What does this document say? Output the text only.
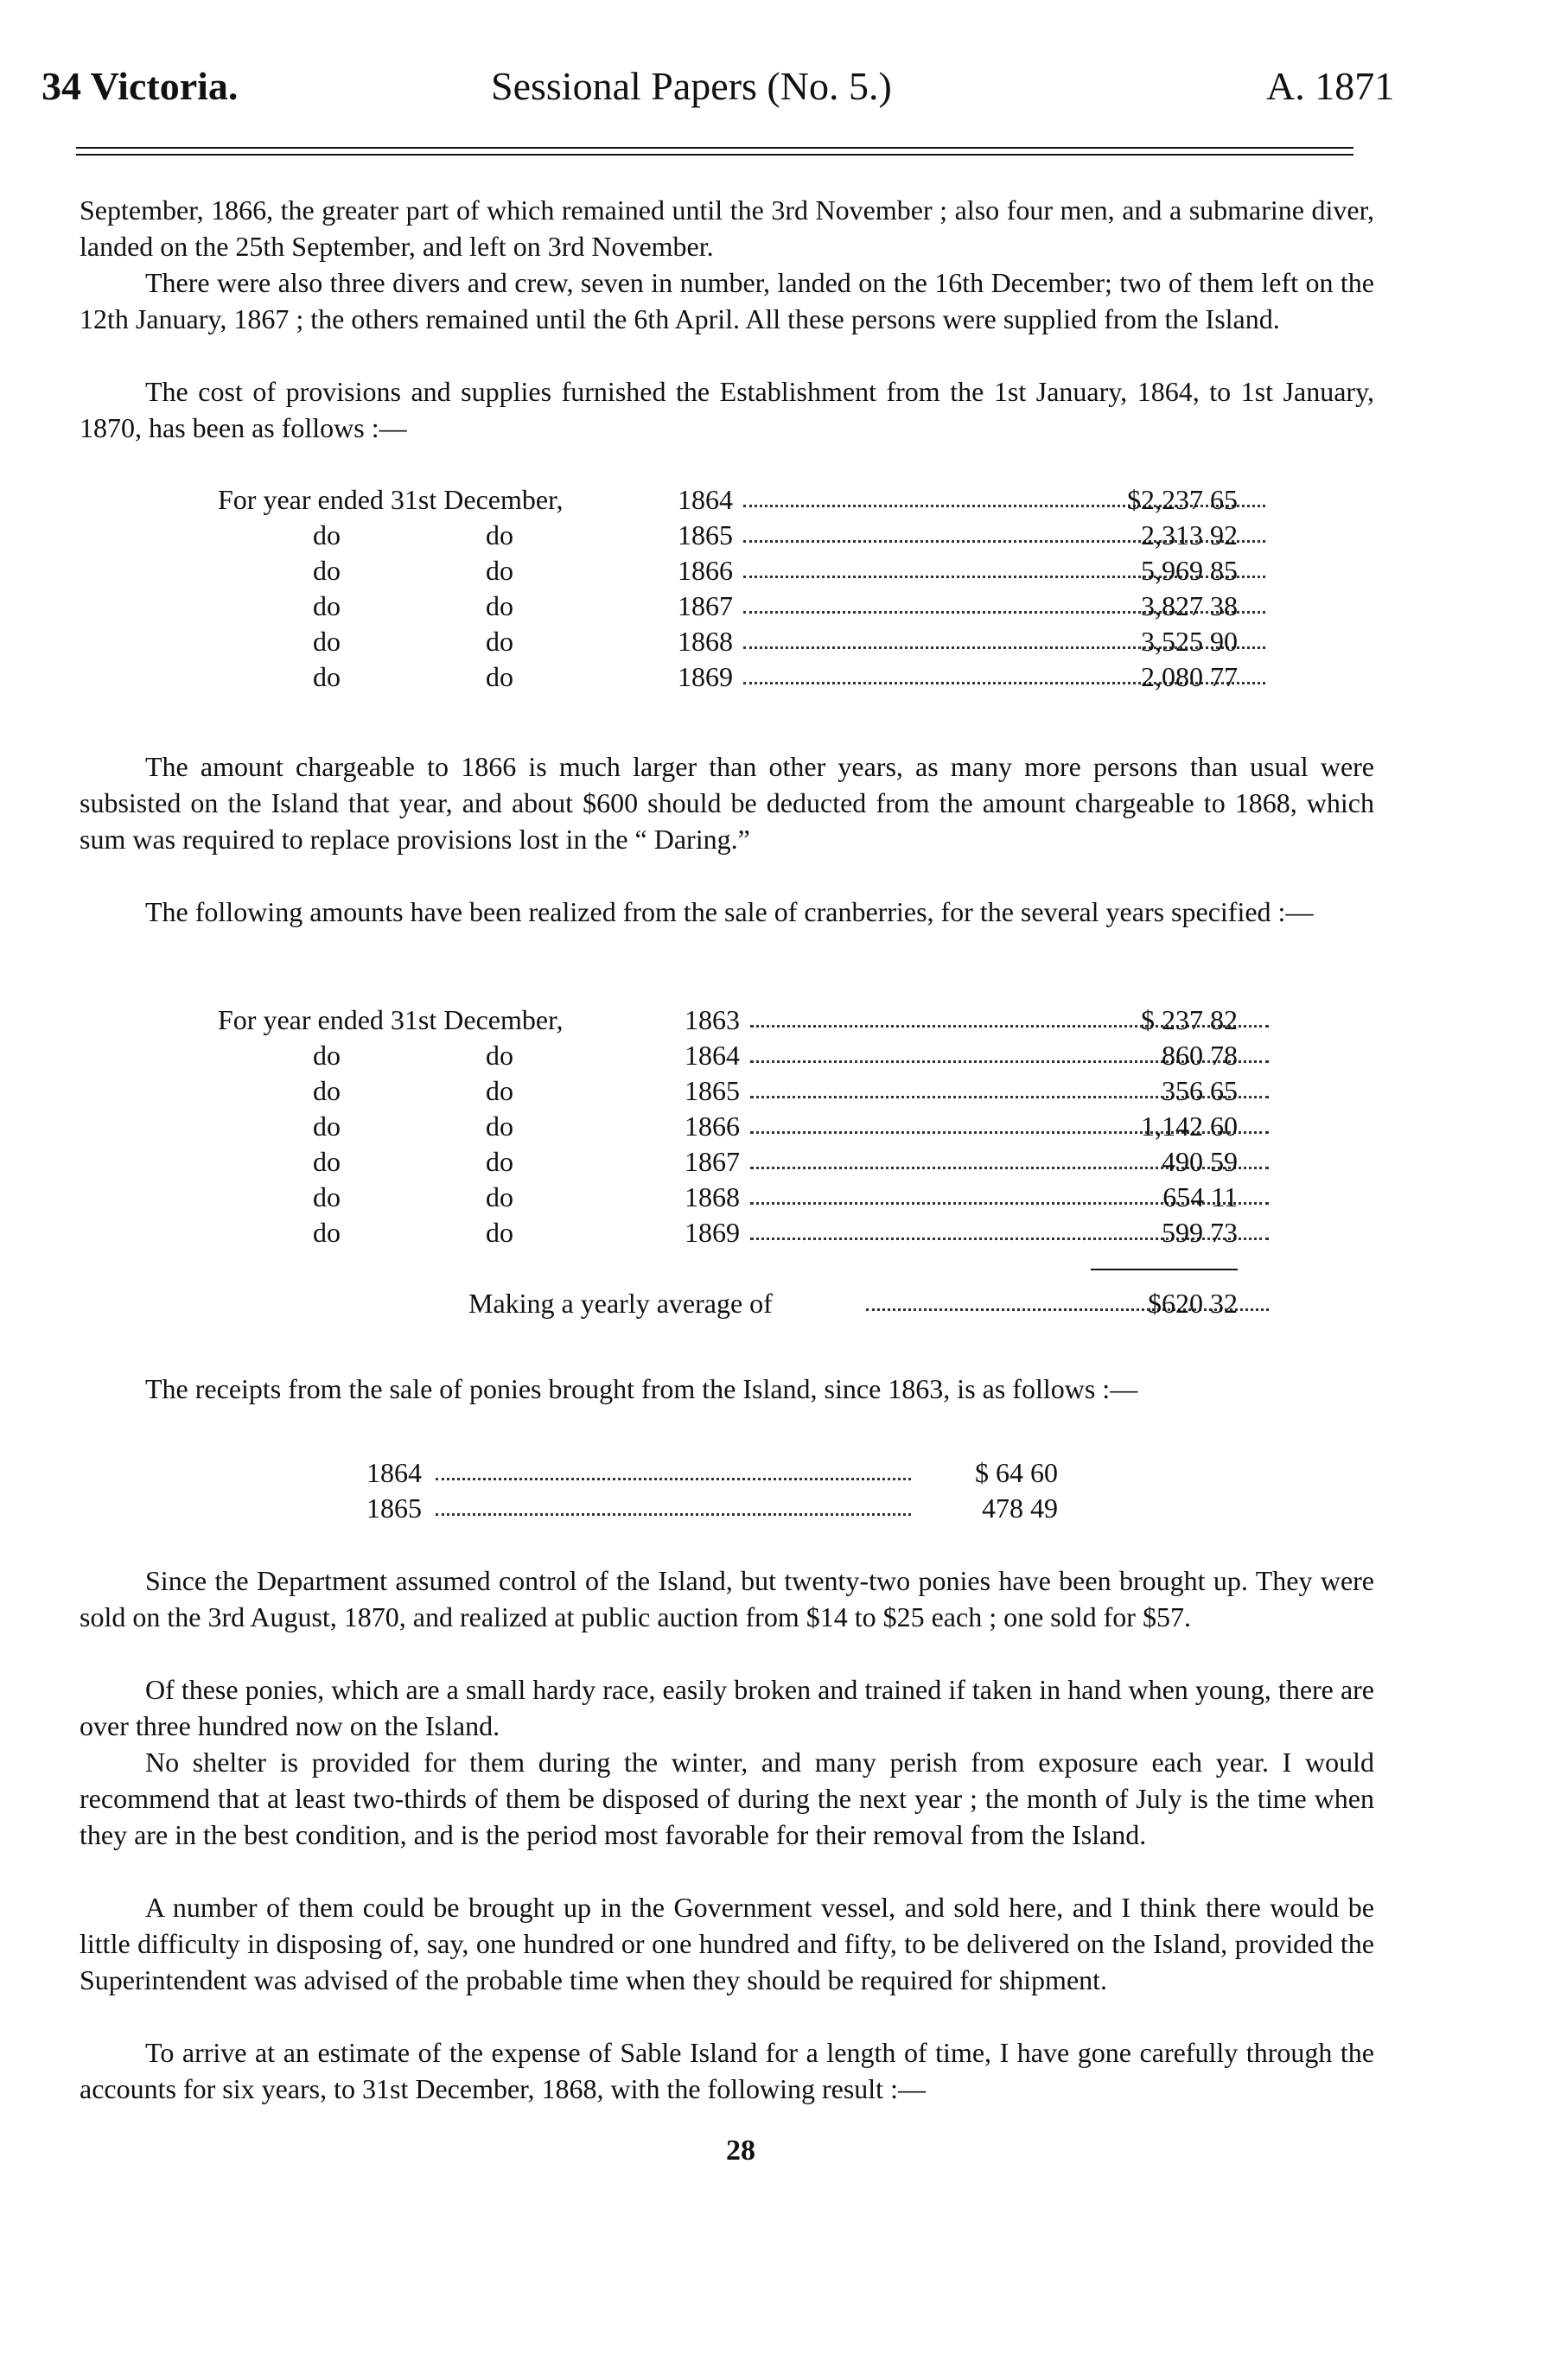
34 Victoria.	Sessional Papers (No. 5.)	A. 1871
September, 1866, the greater part of which remained until the 3rd November ; also four men, and a submarine diver, landed on the 25th September, and left on 3rd November.
There were also three divers and crew, seven in number, landed on the 16th December; two of them left on the 12th January, 1867 ; the others remained until the 6th April. All these persons were supplied from the Island.
The cost of provisions and supplies furnished the Establishment from the 1st January, 1864, to 1st January, 1870, has been as follows :—
For year ended 31st December,	1864	$2,237 65
do	do	1865	2,313 92
do	do	1866	5,969 85
do	do	1867	3,827 38
do	do	1868	3,525 90
do	do	1869	2,080 77
The amount chargeable to 1866 is much larger than other years, as many more persons than usual were subsisted on the Island that year, and about $600 should be deducted from the amount chargeable to 1868, which sum was required to replace provisions lost in the “ Daring.”
The following amounts have been realized from the sale of cranberries, for the several years specified :—
For year ended 31st December,	1863	$ 237 82
do	do	1864	860 78
do	do	1865	356 65
do	do	1866	1,142 60
do	do	1867	490 59
do	do	1868	654 11
do	do	1869	599 73
Making a yearly average of	$620 32
The receipts from the sale of ponies brought from the Island, since 1863, is as follows :—
1864	$ 64 60
1865	478 49
Since the Department assumed control of the Island, but twenty-two ponies have been brought up. They were sold on the 3rd August, 1870, and realized at public auction from $14 to $25 each ; one sold for $57.
Of these ponies, which are a small hardy race, easily broken and trained if taken in hand when young, there are over three hundred now on the Island.
No shelter is provided for them during the winter, and many perish from exposure each year. I would recommend that at least two-thirds of them be disposed of during the next year ; the month of July is the time when they are in the best condition, and is the period most favorable for their removal from the Island.
A number of them could be brought up in the Government vessel, and sold here, and I think there would be little difficulty in disposing of, say, one hundred or one hundred and fifty, to be delivered on the Island, provided the Superintendent was advised of the probable time when they should be required for shipment.
To arrive at an estimate of the expense of Sable Island for a length of time, I have gone carefully through the accounts for six years, to 31st December, 1868, with the following result :—
28
